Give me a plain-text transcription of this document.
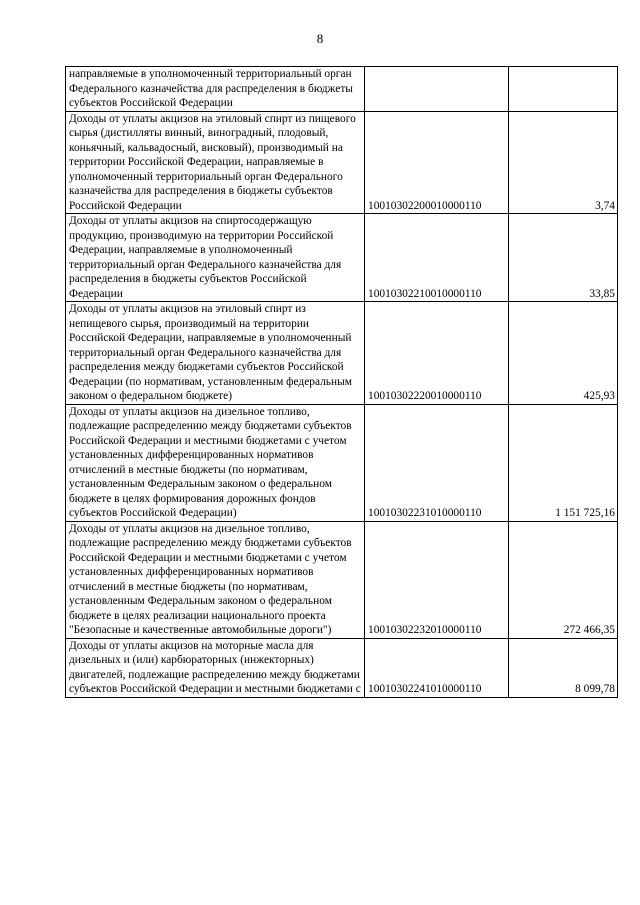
8
направляемые в уполномоченный территориальный орган Федерального казначейства для распределения в бюджеты субъектов Российской Федерации		

Доходы от уплаты акцизов на этиловый спирт из пищевого сырья (дистилляты винный, виноградный, плодовый, коньячный, кальвадосный, висковый), производимый на территории Российской Федерации, направляемые в уполномоченный территориальный орган Федерального казначейства для распределения в бюджеты субъектов Российской Федерации	10010302200010000110	3,74

Доходы от уплаты акцизов на спиртосодержащую продукцию, производимую на территории Российской Федерации, направляемые в уполномоченный территориальный орган Федерального казначейства для распределения в бюджеты субъектов Российской Федерации	10010302210010000110	33,85

Доходы от уплаты акцизов на этиловый спирт из непищевого сырья, производимый на территории Российской Федерации, направляемые в уполномоченный территориальный орган Федерального казначейства для распределения между бюджетами субъектов Российской Федерации (по нормативам, установленным федеральным законом о федеральном бюджете)	10010302220010000110	425,93

Доходы от уплаты акцизов на дизельное топливо, подлежащие распределению между бюджетами субъектов Российской Федерации и местными бюджетами с учетом установленных дифференцированных нормативов отчислений в местные бюджеты (по нормативам, установленным Федеральным законом о федеральном бюджете в целях формирования дорожных фондов субъектов Российской Федерации)	10010302231010000110	1 151 725,16

Доходы от уплаты акцизов на дизельное топливо, подлежащие распределению между бюджетами субъектов Российской Федерации и местными бюджетами с учетом установленных дифференцированных нормативов отчислений в местные бюджеты (по нормативам, установленным Федеральным законом о федеральном бюджете в целях реализации национального проекта "Безопасные и качественные автомобильные дороги")	10010302232010000110	272 466,35

Доходы от уплаты акцизов на моторные масла для дизельных и (или) карбюраторных (инжекторных) двигателей, подлежащие распределению между бюджетами субъектов Российской Федерации и местными бюджетами с	10010302241010000110	8 099,78
